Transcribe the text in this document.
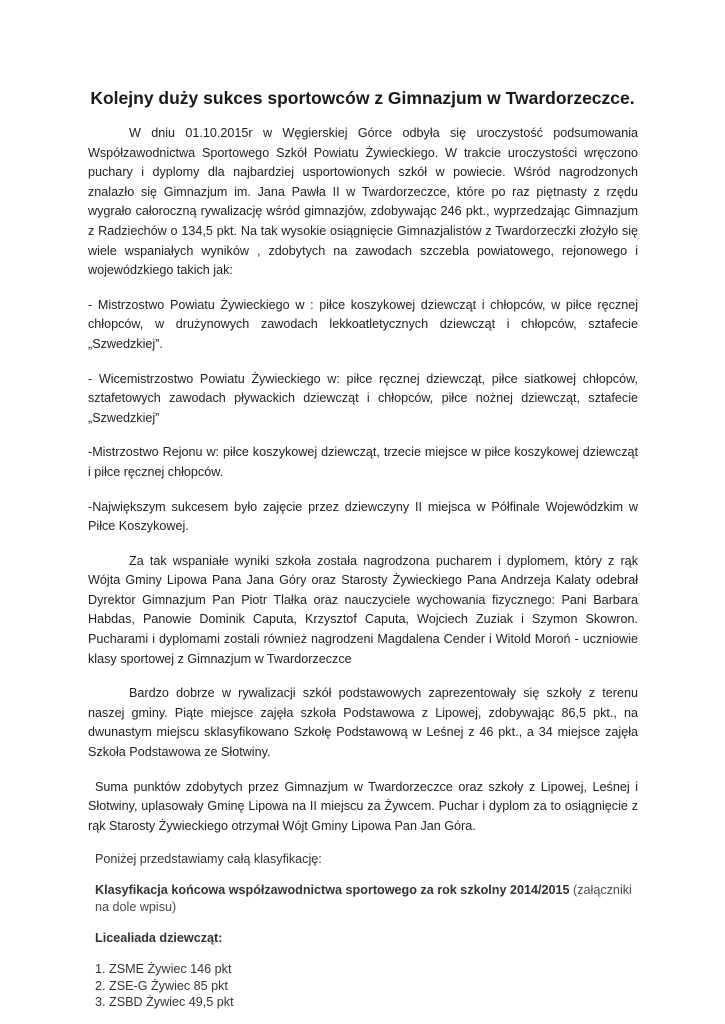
Kolejny duży sukces sportowców z Gimnazjum w Twardorzeczce.

W dniu 01.10.2015r w Węgierskiej Górce odbyła się uroczystość podsumowania Współzawodnictwa Sportowego Szkół Powiatu Żywieckiego. W trakcie uroczystości wręczono puchary i dyplomy dla najbardziej usportowionych szkół w powiecie. Wśród nagrodzonych znalazło się Gimnazjum im. Jana Pawła II w Twardorzeczce, które po raz piętnasty z rzędu wygrało całoroczną rywalizację wśród gimnazjów, zdobywając 246 pkt., wyprzedzając Gimnazjum z Radziechów o 134,5 pkt. Na tak wysokie osiągnięcie Gimnazjalistów z Twardorzeczki złożyło się wiele wspaniałych wyników , zdobytych na zawodach szczebla powiatowego, rejonowego i wojewódzkiego takich jak:

- Mistrzostwo Powiatu Żywieckiego w : piłce koszykowej dziewcząt i chłopców, w piłce ręcznej chłopców, w drużynowych zawodach lekkoatletycznych dziewcząt i chłopców, sztafecie „Szwedzkiej”.

- Wicemistrzostwo Powiatu Żywieckiego w: piłce ręcznej dziewcząt, piłce siatkowej chłopców, sztafetowych zawodach pływackich dziewcząt i chłopców, piłce nożnej dziewcząt, sztafecie „Szwedzkiej”

-Mistrzostwo Rejonu w: piłce koszykowej dziewcząt, trzecie miejsce w piłce koszykowej dziewcząt i piłce ręcznej chłopców.

-Największym sukcesem było zajęcie przez dziewczyny II miejsca w Półfinale Wojewódzkim w Piłce Koszykowej.

Za tak wspaniałe wyniki szkoła została nagrodzona pucharem i dyplomem, który z rąk Wójta Gminy Lipowa Pana Jana Góry oraz Starosty Żywieckiego Pana Andrzeja Kalaty odebrał Dyrektor Gimnazjum Pan Piotr Tlałka oraz nauczyciele wychowania fizycznego: Pani Barbara Habdas, Panowie Dominik Caputa, Krzysztof Caputa, Wojciech Zuziak i Szymon Skowron. Pucharami i dyplomami zostali również nagrodzeni Magdalena Cender i Witold Moroń - uczniowie klasy sportowej z Gimnazjum w Twardorzeczce

Bardzo dobrze w rywalizacji szkół podstawowych zaprezentowały się szkoły z terenu naszej gminy. Piąte miejsce zajęła szkoła Podstawowa z Lipowej, zdobywając 86,5 pkt., na dwunastym miejscu sklasyfikowano Szkołę Podstawową w Leśnej z 46 pkt., a 34 miejsce zajęła Szkoła Podstawowa ze Słotwiny.

Suma punktów zdobytych przez Gimnazjum w Twardorzeczce oraz szkoły z Lipowej, Leśnej i Słotwiny, uplasowały Gminę Lipowa na II miejscu za Żywcem. Puchar i dyplom za to osiągnięcie z rąk Starosty Żywieckiego otrzymał Wójt Gminy Lipowa Pan Jan Góra.

Poniżej przedstawiamy całą klasyfikację:

Klasyfikacja końcowa współzawodnictwa sportowego za rok szkolny 2014/2015 (załączniki na dole wpisu)

Licealiada dziewcząt:

1. ZSME Żywiec 146 pkt
2. ZSE-G Żywiec 85 pkt
3. ZSBD Żywiec 49,5 pkt
